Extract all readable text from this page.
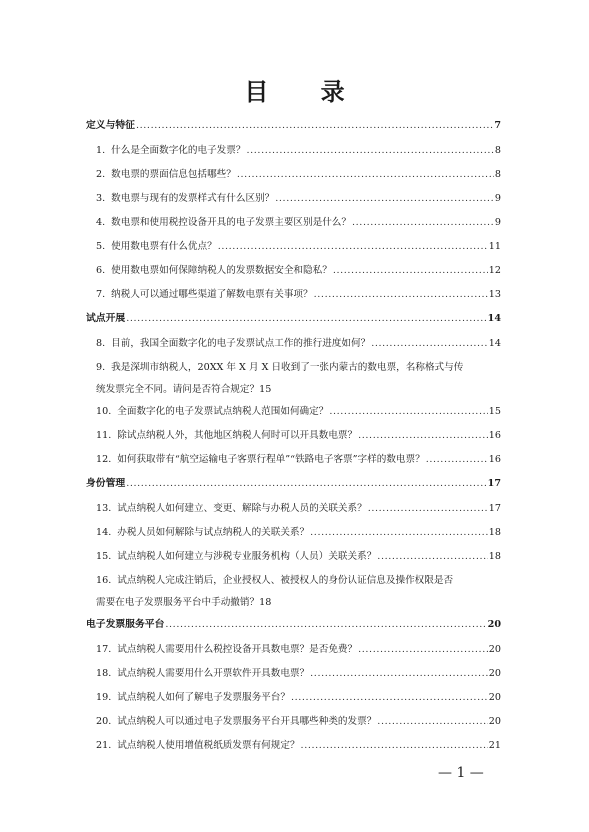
目 录
定义与特征 .....	7
1. 什么是全面数字化的电子发票？ .....	8
2. 数电票的票面信息包括哪些？ .....	8
3. 数电票与现有的发票样式有什么区别？ .....	9
4. 数电票和使用税控设备开具的电子发票主要区别是什么？ .....	9
5. 使用数电票有什么优点？ .....	11
6. 使用数电票如何保障纳税人的发票数据安全和隐私？ .....	12
7. 纳税人可以通过哪些渠道了解数电票有关事项？ .....	13
试点开展 .....	14
8. 目前，我国全面数字化的电子发票试点工作的推行进度如何？ .....	14
9. 我是深圳市纳税人，20XX 年 X 月 X 日收到了一张内蒙古的数电票，名称格式与传
统发票完全不同。请问是否符合规定？ 15
10. 全面数字化的电子发票试点纳税人范围如何确定？ .....	15
11. 除试点纳税人外，其他地区纳税人何时可以开具数电票？ .....	16
12. 如何获取带有“航空运输电子客票行程单”“铁路电子客票”字样的数电票？ .....	16
身份管理 .....	17
13. 试点纳税人如何建立、变更、解除与办税人员的关联关系？ .....	17
14. 办税人员如何解除与试点纳税人的关联关系？ .....	18
15. 试点纳税人如何建立与涉税专业服务机构（人员）关联关系？ .....	18
16. 试点纳税人完成注销后，企业授权人、被授权人的身份认证信息及操作权限是否
需要在电子发票服务平台中手动撤销？ 18
电子发票服务平台 .....	20
17. 试点纳税人需要用什么税控设备开具数电票？是否免费？ .....	20
18. 试点纳税人需要用什么开票软件开具数电票？ .....	20
19. 试点纳税人如何了解电子发票服务平台？ .....	20
20. 试点纳税人可以通过电子发票服务平台开具哪些种类的发票？ .....	20
21. 试点纳税人使用增值税纸质发票有何规定？ .....	21
— 1 —
